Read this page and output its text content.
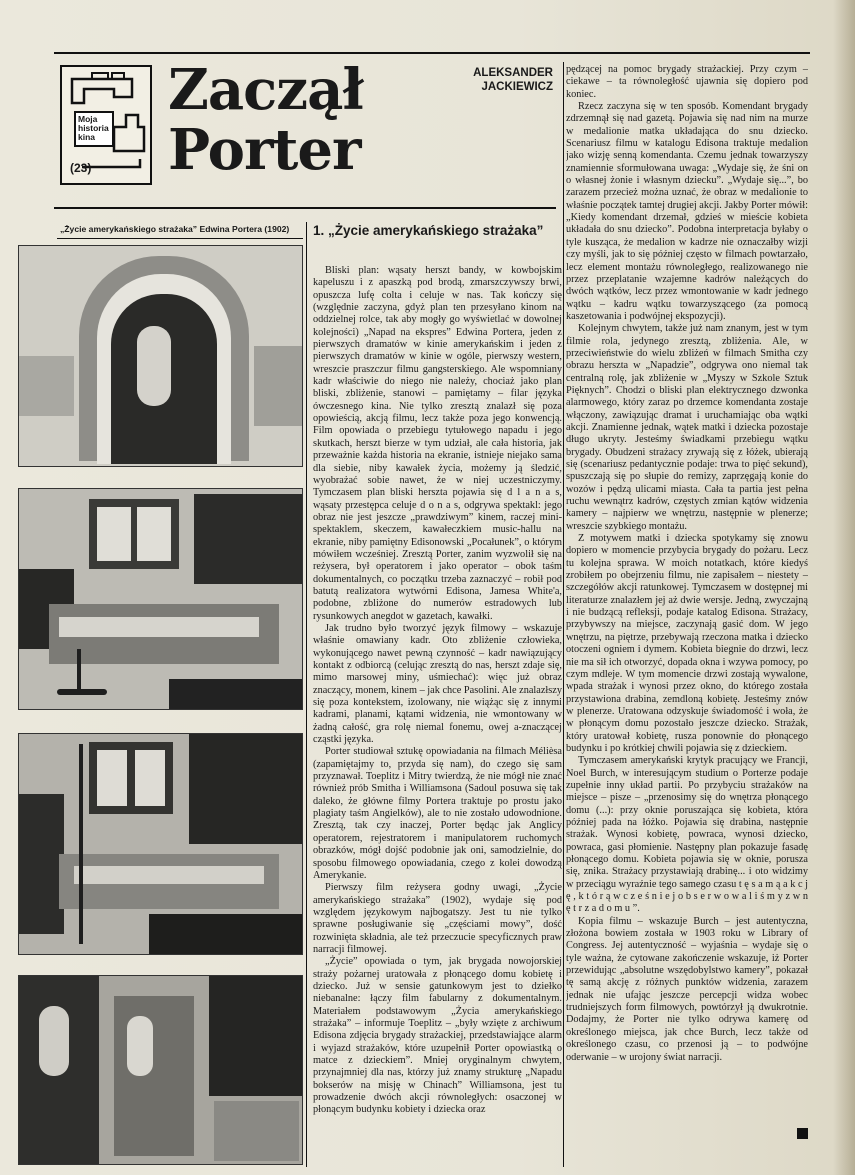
Moja historia kina
(23)
Zaczął
Porter
ALEKSANDER
JACKIEWICZ
„Życie amerykańskiego strażaka” Edwina Portera (1902)	1. „Życie amerykańskiego strażaka”

Bliski plan: wąsaty herszt bandy, w kowbojskim kapeluszu i z apaszką pod brodą, zmarszczywszy brwi, opuszcza lufę colta i celuje w nas. Tak kończy się (względnie zaczyna, gdyż plan ten przesyłano kinom na oddzielnej rolce, tak aby mogły go wyświetlać w dowolnej kolejności) „Napad na ekspres” Edwina Portera, jeden z pierwszych dramatów w kinie amerykańskim i jeden z pierwszych dramatów w kinie w ogóle, pierwszy western, wreszcie praszczur filmu gangsterskiego. Ale wspomniany kadr właściwie do niego nie należy, chociaż jako plan bliski, zbliżenie, stanowi – pamiętamy – filar języka ówczesnego kina. Nie tylko zresztą znalazł się poza opowieścią, akcją filmu, lecz także poza jego konwencją. Film opowiada o przebiegu tytułowego napadu i jego skutkach, herszt bierze w tym udział, ale cała historia, jak przeważnie każda historia na ekranie, istnieje niejako sama dla siebie, niby kawałek życia, możemy ją śledzić, wyobrażać sobie nawet, że w niej uczestniczymy. Tymczasem plan bliski herszta pojawia się d l a n a s, wąsaty przestępca celuje d o n a s, odgrywa spektakl: jego obraz nie jest jeszcze „prawdziwym” kinem, raczej mini-spektaklem, skeczem, kawałeczkiem music-hallu na ekranie, niby pamiętny Edisonowski „Pocałunek”, o którym mówiłem wcześniej. Zresztą Porter, zanim wyzwolił się na reżysera, był operatorem i jako operator – obok taśm dokumentalnych, co początku trzeba zaznaczyć – robił pod batutą realizatora wytwórni Edisona, Jamesa White'a, podobne, zbliżone do numerów estradowych lub rysunkowych anegdot w gazetach, kawałki.

Jak trudno było tworzyć język filmowy – wskazuje właśnie omawiany kadr. Oto zbliżenie człowieka, wykonującego nawet pewną czynność – kadr nawiązujący kontakt z odbiorcą (celując zresztą do nas, herszt zdaje się, mimo marsowej miny, uśmiechać): więc już obraz znaczący, monem, kinem – jak chce Pasolini. Ale znalazłszy się poza kontekstem, izolowany, nie wiążąc się z innymi kadrami, planami, kątami widzenia, nie wmontowany w żadną całość, gra rolę niemal fonemu, owej a-znaczącej cząstki języka.

Porter studiował sztukę opowiadania na filmach Mélièsa (zapamiętajmy to, przyda się nam), do czego się sam przyznawał. Toeplitz i Mitry twierdzą, że nie mógł nie znać również prób Smitha i Williamsona (Sadoul posuwa się tak daleko, że główne filmy Portera traktuje po prostu jako plagiaty taśm Angielków), ale to nie zostało udowodnione. Zresztą, tak czy inaczej, Porter będąc jak Anglicy operatorem, rejestratorem i manipulatorem ruchomych obrazków, mógł dojść podobnie jak oni, samodzielnie, do sposobu filmowego opowiadania, czego z kolei dowodzą Amerykanie.

Pierwszy film reżysera godny uwagi, „Życie amerykańskiego strażaka” (1902), wydaje się pod względem językowym najbogatszy. Jest tu nie tylko sprawne posługiwanie się „częściami mowy”, dość rozwinięta składnia, ale też przeczucie specyficznych praw narracji filmowej.

„Życie” opowiada o tym, jak brygada nowojorskiej straży pożarnej uratowała z płonącego domu kobietę i dziecko. Już w sensie gatunkowym jest to dziełko niebanalne: łączy film fabularny z dokumentalnym. Materiałem podstawowym „Życia amerykańskiego strażaka” – informuje Toeplitz – „były wzięte z archiwum Edisona zdjęcia brygady strażackiej, przedstawiające alarm i wyjazd strażaków, które uzupełnił Porter opowiastką o matce z dzieckiem”. Mniej oryginalnym chwytem, przynajmniej dla nas, którzy już znamy strukturę „Napadu bokserów na misję w Chinach” Williamsona, jest tu prowadzenie dwóch akcji równoległych: osaczonej w płonącym budynku kobiety i dziecka oraz

pędzącej na pomoc brygady strażackiej. Przy czym – ciekawe – ta równoległość ujawnia się dopiero pod koniec.

Rzecz zaczyna się w ten sposób. Komendant brygady zdrzemnął się nad gazetą. Pojawia się nad nim na murze w medalionie matka układająca do snu dziecko. Scenariusz filmu w katalogu Edisona traktuje medalion jako wizję senną komendanta. Czemu jednak towarzyszy znamiennie sformułowana uwaga: „Wydaje się, że śni on o własnej żonie i własnym dziecku”. „Wydaje się...”, bo zarazem przecież można uznać, że obraz w medalionie to właśnie początek tamtej drugiej akcji. Jakby Porter mówił: „Kiedy komendant drzemał, gdzieś w mieście kobieta układała do snu dziecko”. Podobna interpretacja byłaby o tyle kusząca, że medalion w kadrze nie oznaczałby wizji czy myśli, jak to się później często w filmach powtarzało, lecz element montażu równoległego, realizowanego nie przez przeplatanie wzajemne kadrów należących do dwóch wątków, lecz przez wmontowanie w kadr jednego wątku – kadru wątku towarzyszącego (za pomocą kaszetowania i podwójnej ekspozycji).

Kolejnym chwytem, także już nam znanym, jest w tym filmie rola, jedynego zresztą, zbliżenia. Ale, w przeciwieństwie do wielu zbliżeń w filmach Smitha czy obrazu hersztа w „Napadzie”, odgrywa ono niemal tak centralną rolę, jak zbliżenie w „Myszy w Szkole Sztuk Pięknych”. Chodzi o bliski plan elektrycznego dzwonka alarmowego, który zaraz po drzemce komendanta zostaje włączony, zawiązując dramat i uruchamiając oba wątki akcji. Znamienne jednak, wątek matki i dziecka pozostaje długo ukryty. Jesteśmy świadkami przebiegu wątku brygady. Obudzeni strażacy zrywają się z łóżek, ubierają się (scenariusz pedantycznie podaje: trwa to pięć sekund), spuszczają się po słupie do remizy, zaprzęgają konie do wozów i pędzą ulicami miasta. Cała ta partia jest pełna ruchu wewnątrz kadrów, częstych zmian kątów widzenia kamery – najpierw we wnętrzu, następnie w plenerze; wreszcie szybkiego montażu.

Z motywem matki i dziecka spotykamy się znowu dopiero w momencie przybycia brygady do pożaru. Lecz tu kolejna sprawa. W moich notatkach, które kiedyś zrobiłem po obejrzeniu filmu, nie zapisałem – niestety – szczegółów akcji ratunkowej. Tymczasem w dostępnej mi literaturze znalazłem jej aż dwie wersje. Jedną, zwyczajną i nie budzącą refleksji, podaje katalog Edisona. Strażacy, przybywszy na miejsce, zaczynają gasić dom. W jego wnętrzu, na piętrze, przebywają rzeczona matka i dziecko otoczeni ogniem i dymem. Kobieta biegnie do drzwi, lecz nie ma sił ich otworzyć, dopada okna i wzywa pomocy, po czym mdleje. W tym momencie drzwi zostają wywalone, wpada strażak i wynosi przez okno, do którego została przystawiona drabina, zemdloną kobietę. Jesteśmy znów w plenerze. Uratowana odzyskuje świadomość i wołа, że w płonącym domu pozostało jeszcze dziecko. Strażak, który uratował kobietę, rusza ponownie do płonącego budynku i po krótkiej chwili pojawia się z dzieckiem.

Tymczasem amerykański krytyk pracujący we Francji, Noel Burch, w interesującym studium o Porterze podaje zupełnie inny układ partii. Po przybyciu strażaków na miejsce – pisze – „przenosimy się do wnętrza płonącego domu (...): przy oknie poruszająca się kobieta, która później pada na łóżko. Pojawia się drabina, następnie strażak. Wynosi kobietę, powraca, wynosi dziecko, powraca, gasi płomienie. Następny plan pokazuje fasadę płonącego domu. Kobieta pojawia się w oknie, porusza się, znika. Strażacy przystawiają drabinę... i oto widzimy w przeciągu wyraźnie tego samego czasu t ę s a m ą a k c j ę , k t ó r ą w c z e ś n i e j o b s e r w o w a l i ś m y z w n ę t r z a d o m u ”.

Kopia filmu – wskazuje Burch – jest autentyczna, złożona bowiem została w 1903 roku w Library of Congress. Jej autentyczność – wyjaśnia – wydaje się o tyle ważna, że cytowane zakończenie wskazuje, iż Porter przewidując „absolutne wszędobylstwo kamery”, pokazał tę samą akcję z różnych punktów widzenia, zarazem jednak nie ufając jeszcze percepcji widza wobec trudniejszych form filmowych, powtórzył ją dwukrotnie. Dodajmy, że Porter nie tylko odrywa kamerę od określonego miejsca, jak chce Burch, lecz także od określonego czasu, co przenosi ją – to podwójne oderwanie – w urojony świat narracji.
